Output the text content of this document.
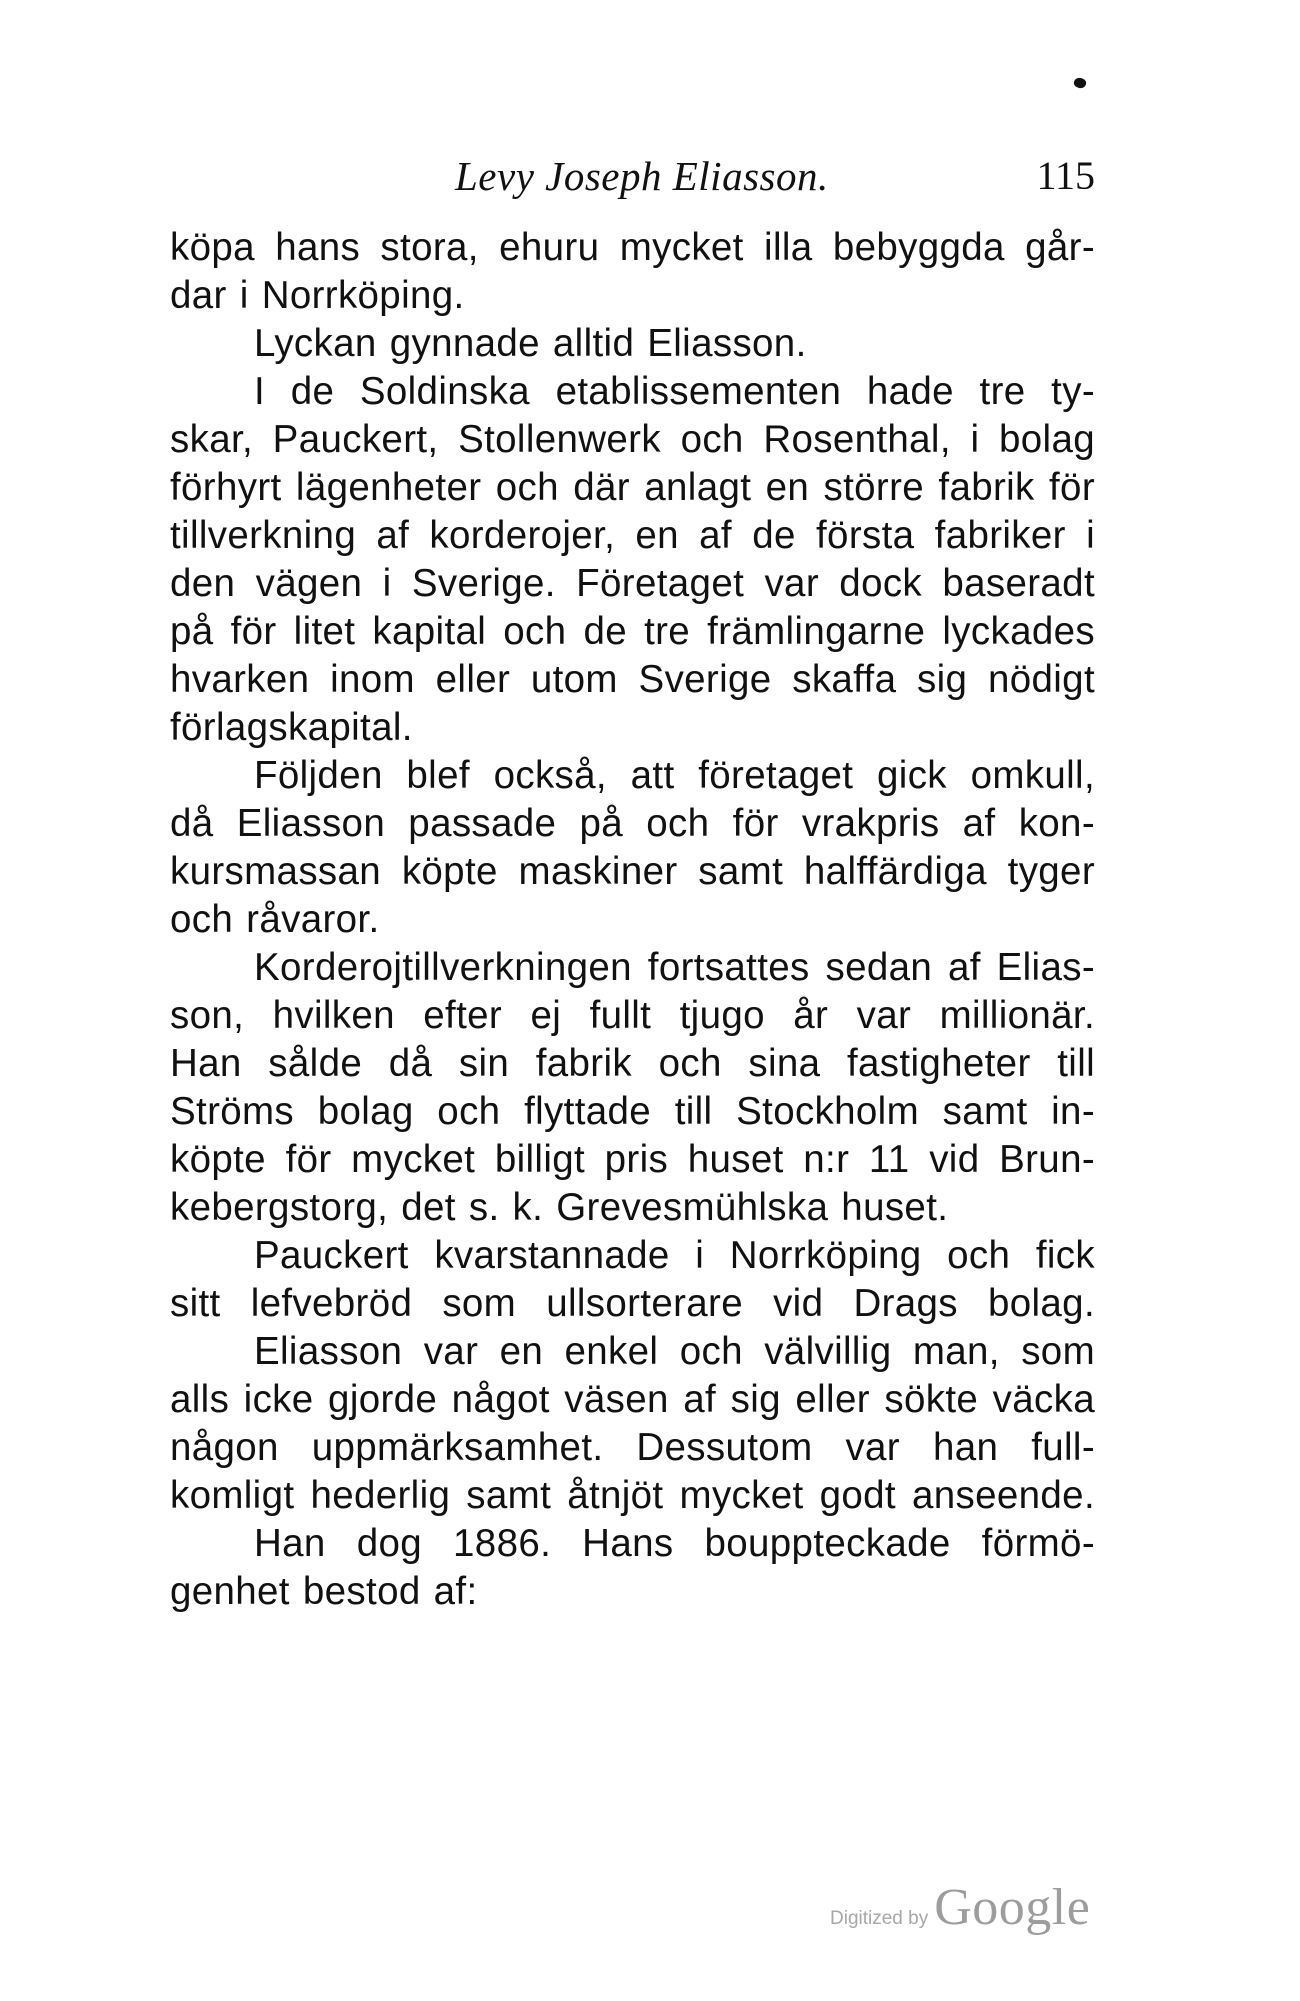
Levy Joseph Eliasson.	115
köpa hans stora, ehuru mycket illa bebyggda går-
dar i Norrköping.
Lyckan gynnade alltid Eliasson.
I de Soldinska etablissementen hade tre ty-
skar, Pauckert, Stollenwerk och Rosenthal, i bolag
förhyrt lägenheter och där anlagt en större fabrik för
tillverkning af korderojer, en af de första fabriker i
den vägen i Sverige. Företaget var dock baseradt
på för litet kapital och de tre främlingarne lyckades
hvarken inom eller utom Sverige skaffa sig nödigt
förlagskapital.
Följden blef också, att företaget gick omkull,
då Eliasson passade på och för vrakpris af kon-
kursmassan köpte maskiner samt halffärdiga tyger
och råvaror.
Korderojtillverkningen fortsattes sedan af Elias-
son, hvilken efter ej fullt tjugo år var millionär.
Han sålde då sin fabrik och sina fastigheter till
Ströms bolag och flyttade till Stockholm samt in-
köpte för mycket billigt pris huset n:r 11 vid Brun-
kebergstorg, det s. k. Grevesmühlska huset.
Pauckert kvarstannade i Norrköping och fick
sitt lefvebröd som ullsorterare vid Drags bolag.
Eliasson var en enkel och välvillig man, som
alls icke gjorde något väsen af sig eller sökte väcka
någon uppmärksamhet. Dessutom var han full-
komligt hederlig samt åtnjöt mycket godt anseende.
Han dog 1886. Hans bouppteckade förmö-
genhet bestod af:
Digitized by Google
